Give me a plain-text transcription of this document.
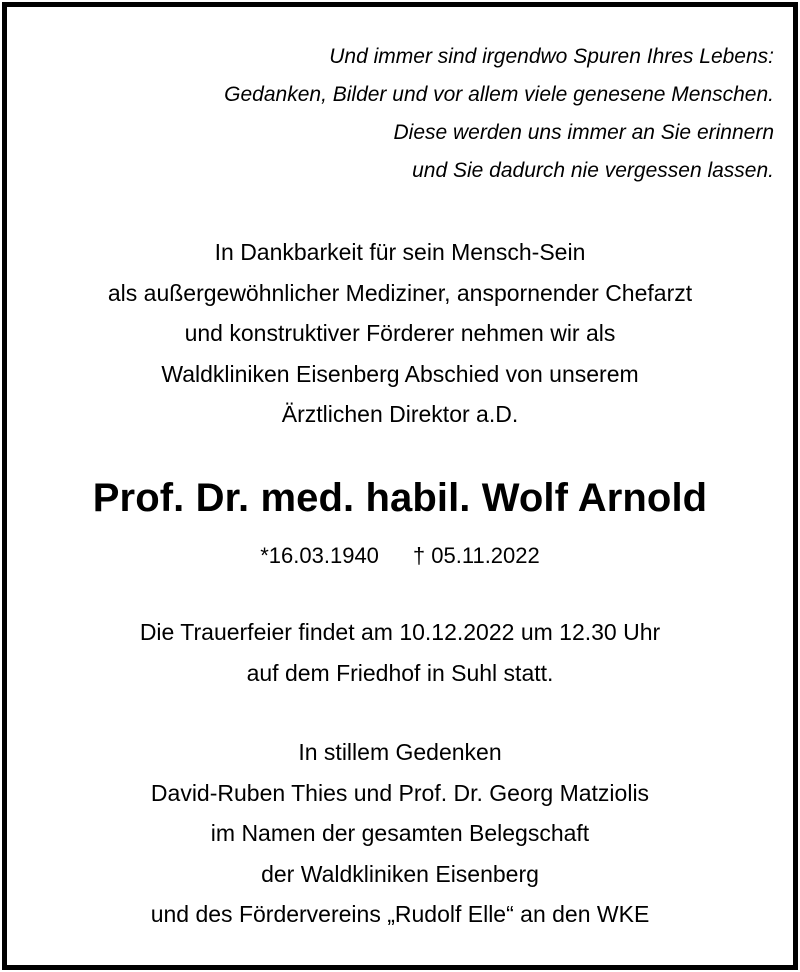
Und immer sind irgendwo Spuren Ihres Lebens:
Gedanken, Bilder und vor allem viele genesene Menschen.
Diese werden uns immer an Sie erinnern
und Sie dadurch nie vergessen lassen.
In Dankbarkeit für sein Mensch-Sein
als außergewöhnlicher Mediziner, anspornender Chefarzt
und konstruktiver Förderer nehmen wir als
Waldkliniken Eisenberg Abschied von unserem
Ärztlichen Direktor a.D.
Prof. Dr. med. habil. Wolf Arnold
*16.03.1940 † 05.11.2022
Die Trauerfeier findet am 10.12.2022 um 12.30 Uhr
auf dem Friedhof in Suhl statt.
In stillem Gedenken
David-Ruben Thies und Prof. Dr. Georg Matziolis
im Namen der gesamten Belegschaft
der Waldkliniken Eisenberg
und des Fördervereins „Rudolf Elle“ an den WKE
